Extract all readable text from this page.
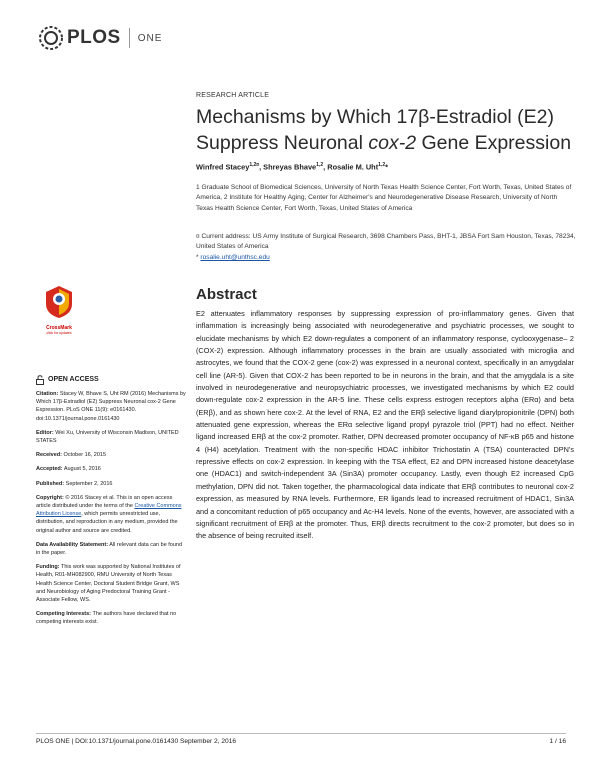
PLOS ONE
RESEARCH ARTICLE
Mechanisms by Which 17β-Estradiol (E2)
Suppress Neuronal cox-2 Gene Expression
Winfred Stacey$^{1,2¤}$, Shreyas Bhave$^{1,2}$, Rosalie M. Uht$^{1,2}$*
1 Graduate School of Biomedical Sciences, University of North Texas Health Science Center, Fort Worth, Texas, United States of America, 2 Institute for Healthy Aging, Center for Alzheimer's and Neurodegenerative Disease Research, University of North Texas Health Science Center, Fort Worth, Texas, United States of America
¤ Current address: US Army Institute of Surgical Research, 3698 Chambers Pass, BHT-1, JBSA Fort Sam Houston, Texas, 78234, United States of America
* rosalie.uht@unthsc.edu
CrossMark
click for updates
Abstract

E2 attenuates inflammatory responses by suppressing expression of pro-inflammatory genes. Given that inflammation is increasingly being associated with neurodegenerative and psychiatric processes, we sought to elucidate mechanisms by which E2 down-regulates a component of an inflammatory response, cyclooxygenase– 2 (COX-2) expression. Although inflammatory processes in the brain are usually associated with microglia and astrocytes, we found that the COX-2 gene (cox-2) was expressed in a neuronal context, specifically in an amygdalar cell line (AR-5). Given that COX-2 has been reported to be in neurons in the brain, and that the amygdala is a site involved in neurodegenerative and neuropsychiatric processes, we investigated mechanisms by which E2 could down-regulate cox-2 expression in the AR-5 line. These cells express estrogen receptors alpha (ERα) and beta (ERβ), and as shown here cox-2. At the level of RNA, E2 and the ERβ selective ligand diarylpropionitrile (DPN) both attenuated gene expression, whereas the ERα selective ligand propyl pyrazole triol (PPT) had no effect. Neither ligand increased ERβ at the cox-2 promoter. Rather, DPN decreased promoter occupancy of NF-κB p65 and histone 4 (H4) acetylation. Treatment with the non-specific HDAC inhibitor Trichostatin A (TSA) counteracted DPN's repressive effects on cox-2 expression. In keeping with the TSA effect, E2 and DPN increased histone deacetylase one (HDAC1) and switch-independent 3A (Sin3A) promoter occupancy. Lastly, even though E2 increased CpG methylation, DPN did not. Taken together, the pharmacological data indicate that ERβ contributes to neuronal cox-2 expression, as measured by RNA levels. Furthermore, ER ligands lead to increased recruitment of HDAC1, Sin3A and a concomitant reduction of p65 occupancy and Ac-H4 levels. None of the events, however, are associated with a significant recruitment of ERβ at the promoter. Thus, ERβ directs recruitment to the cox-2 promoter, but does so in the absence of being recruited itself.

OPEN ACCESS
Citation: Stacey W, Bhave S, Uht RM (2016) Mechanisms by Which 17β-Estradiol (E2) Suppress Neuronal cox-2 Gene Expression. PLoS ONE 11(9): e0161430. doi:10.1371/journal.pone.0161430
Editor: Wei Xu, University of Wisconsin Madison, UNITED STATES
Received: October 16, 2015
Accepted: August 5, 2016
Published: September 2, 2016
Copyright: © 2016 Stacey et al. This is an open access article distributed under the terms of the Creative Commons Attribution License, which permits unrestricted use, distribution, and reproduction in any medium, provided the original author and source are credited.
Data Availability Statement: All relevant data can be found in the paper.
Funding: This work was supported by National Institutes of Health, R01-MH082900, RMU University of North Texas Health Science Center, Doctoral Student Bridge Grant, WS and Neurobiology of Aging Predoctoral Training Grant - Associate Fellow, WS.
Competing Interests: The authors have declared that no competing interests exist.
PLOS ONE | DOI:10.1371/journal.pone.0161430 September 2, 2016	1 / 16
